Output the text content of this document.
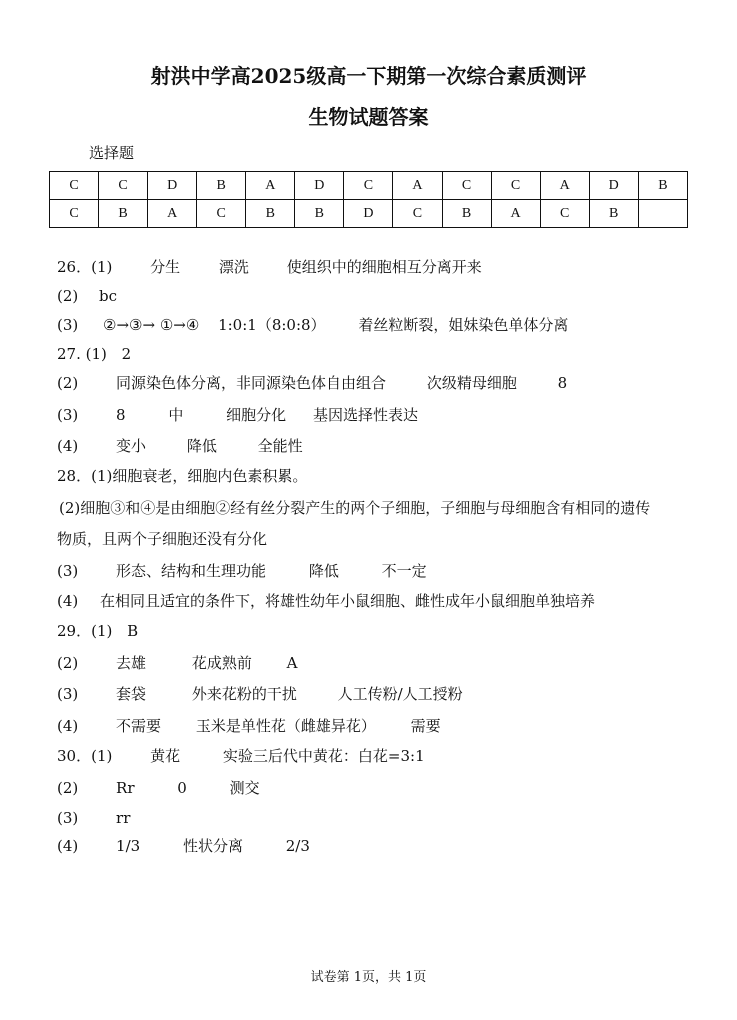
射洪中学高2025级高一下期第一次综合素质测评
生物试题答案
选择题
C	C	D	B	A	D	C	A	C	C	A	D	B
C	B	A	C	B	B	D	C	B	A	C	B	
26．(1)	分生	漂洗	使组织中的细胞相互分离开来
(2) bc
(3) ②→③→ ①→④ 1:0:1（8:0:8） 着丝粒断裂，姐妹染色单体分离
27. (1) 2
(2)	同源染色体分离，非同源染色体自由组合	次级精母细胞	8
(3)	8	中	细胞分化 基因选择性表达
(4)	变小	降低	全能性
28．(1)细胞衰老，细胞内色素积累。
(2)细胞③和④是由细胞②经有丝分裂产生的两个子细胞，子细胞与母细胞含有相同的遗传
物质，且两个子细胞还没有分化
(3)	形态、结构和生理功能	降低	不一定
(4) 在相同且适宜的条件下，将雄性幼年小鼠细胞、雌性成年小鼠细胞单独培养
29．(1) B
(2)	去雄	花成熟前 A
(3)	套袋	外来花粉的干扰	人工传粉/人工授粉
(4)	不需要 玉米是单性花（雌雄异花） 需要
30．(1)	黄花	实验三后代中黄花：白花=3:1
(2)	Rr	0	测交
(3)	rr
(4)	1/3	性状分离	2/3
试卷第 1页，共 1页
